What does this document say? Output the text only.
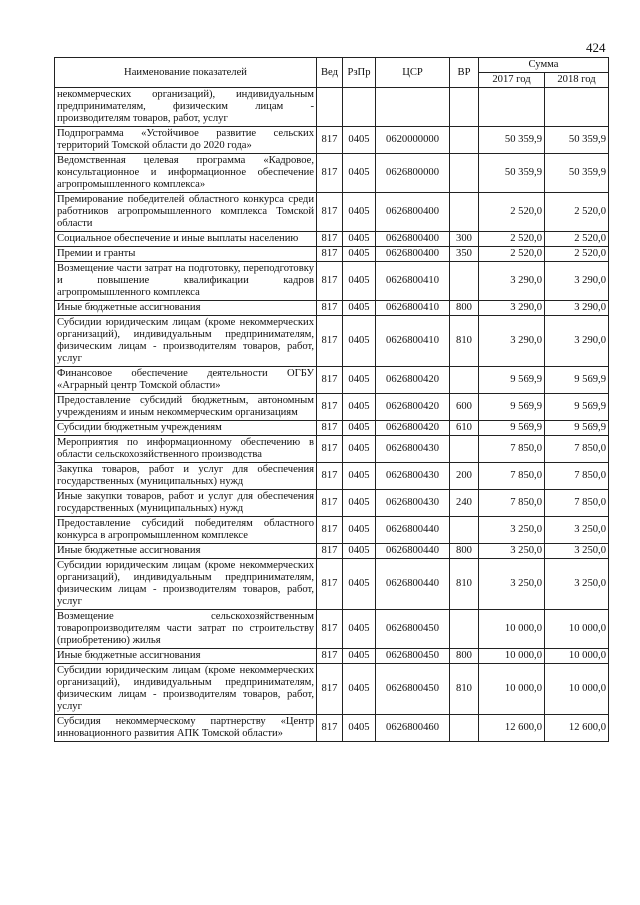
424
Наименование показателей	Вед	РзПр	ЦСР	ВР	Сумма	
					2017 год	2018 год
некоммерческих организаций), индивидуальным предпринимателям, физическим лицам - производителям товаров, работ, услуг						
Подпрограмма «Устойчивое развитие сельских территорий Томской области до 2020 года»	817	0405	0620000000		50 359,9	50 359,9
Ведомственная целевая программа «Кадровое, консультационное и информационное обеспечение агропромышленного комплекса»	817	0405	0626800000		50 359,9	50 359,9
Премирование победителей областного конкурса среди работников агропромышленного комплекса Томской области	817	0405	0626800400		2 520,0	2 520,0
Социальное обеспечение и иные выплаты населению	817	0405	0626800400	300	2 520,0	2 520,0
Премии и гранты	817	0405	0626800400	350	2 520,0	2 520,0
Возмещение части затрат на подготовку, переподготовку и повышение квалификации кадров агропромышленного комплекса	817	0405	0626800410		3 290,0	3 290,0
Иные бюджетные ассигнования	817	0405	0626800410	800	3 290,0	3 290,0
Субсидии юридическим лицам (кроме некоммерческих организаций), индивидуальным предпринимателям, физическим лицам - производителям товаров, работ, услуг	817	0405	0626800410	810	3 290,0	3 290,0
Финансовое обеспечение деятельности ОГБУ «Аграрный центр Томской области»	817	0405	0626800420		9 569,9	9 569,9
Предоставление субсидий бюджетным, автономным учреждениям и иным некоммерческим организациям	817	0405	0626800420	600	9 569,9	9 569,9
Субсидии бюджетным учреждениям	817	0405	0626800420	610	9 569,9	9 569,9
Мероприятия по информационному обеспечению в области сельскохозяйственного производства	817	0405	0626800430		7 850,0	7 850,0
Закупка товаров, работ и услуг для обеспечения государственных (муниципальных) нужд	817	0405	0626800430	200	7 850,0	7 850,0
Иные закупки товаров, работ и услуг для обеспечения государственных (муниципальных) нужд	817	0405	0626800430	240	7 850,0	7 850,0
Предоставление субсидий победителям областного конкурса в агропромышленном комплексе	817	0405	0626800440		3 250,0	3 250,0
Иные бюджетные ассигнования	817	0405	0626800440	800	3 250,0	3 250,0
Субсидии юридическим лицам (кроме некоммерческих организаций), индивидуальным предпринимателям, физическим лицам - производителям товаров, работ, услуг	817	0405	0626800440	810	3 250,0	3 250,0
Возмещение сельскохозяйственным товаропроизводителям части затрат по строительству (приобретению) жилья	817	0405	0626800450		10 000,0	10 000,0
Иные бюджетные ассигнования	817	0405	0626800450	800	10 000,0	10 000,0
Субсидии юридическим лицам (кроме некоммерческих организаций), индивидуальным предпринимателям, физическим лицам - производителям товаров, работ, услуг	817	0405	0626800450	810	10 000,0	10 000,0
Субсидия некоммерческому партнерству «Центр инновационного развития АПК Томской области»	817	0405	0626800460		12 600,0	12 600,0
